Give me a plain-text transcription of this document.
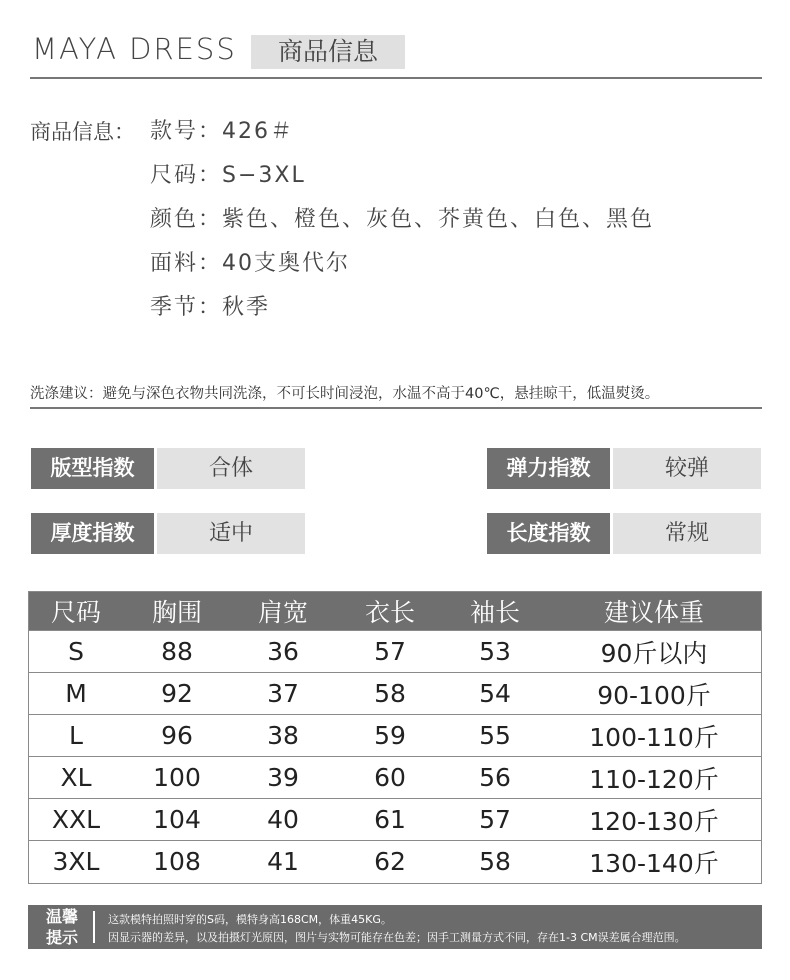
MAYA DRESS	商品信息
商品信息： 款号：426＃
尺码：S−3XL
颜色：紫色、橙色、灰色、芥黄色、白色、黑色
面料：40支奥代尔
季节：秋季
洗涤建议：避免与深色衣物共同洗涤，不可长时间浸泡，水温不高于40℃，悬挂晾干，低温熨烫。
版型指数	合体	弹力指数	较弹
厚度指数	适中	长度指数	常规
尺码	胸围	肩宽	衣长	袖长	建议体重
S	88	36	57	53	90斤以内
M	92	37	58	54	90-100斤
L	96	38	59	55	100-110斤
XL	100	39	60	56	110-120斤
XXL	104	40	61	57	120-130斤
3XL	108	41	62	58	130-140斤
温馨
提示
这款模特拍照时穿的S码，模特身高168CM，体重45KG。
因显示器的差异，以及拍摄灯光原因，图片与实物可能存在色差；因手工测量方式不同，存在1-3 CM误差属合理范围。
